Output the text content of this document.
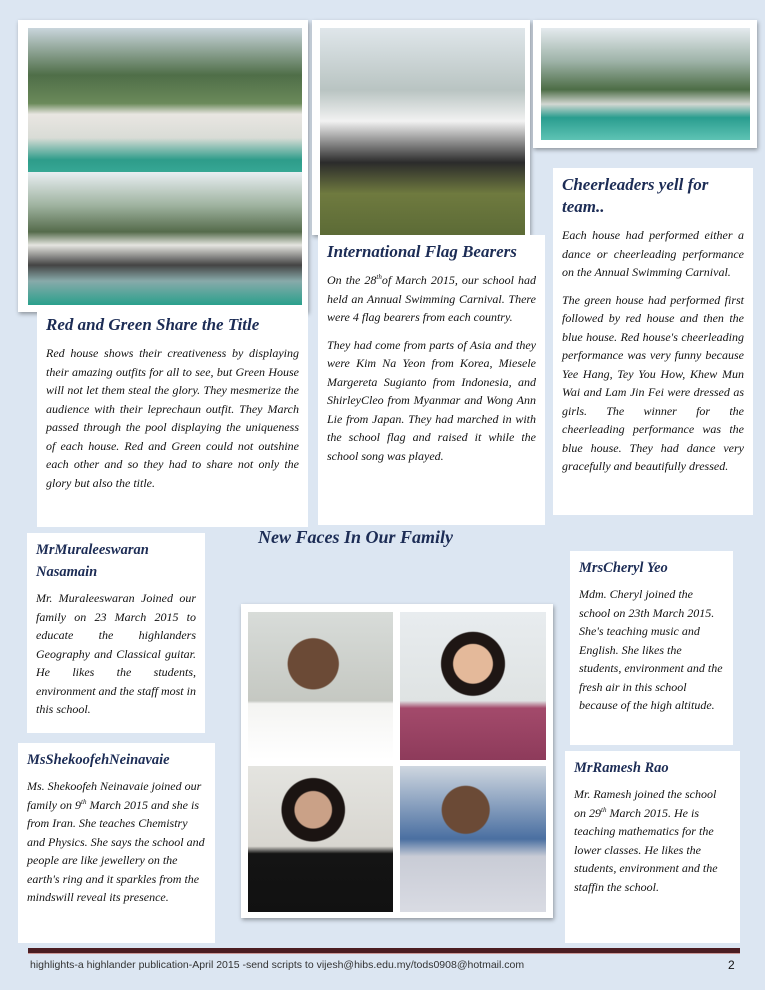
Red and Green Share the Title

Red house shows their creativeness by displaying their amazing outfits for all to see, but Green House will not let them steal the glory. They mesmerize the audience with their leprechaun outfit. They March passed through the pool displaying the uniqueness of each house. Red and Green could not outshine each other and so they had to share not only the glory but also the title.

International Flag Bearers

On the 28thof March 2015, our school had held an Annual Swimming Carnival. There were 4 flag bearers from each country.

They had come from parts of Asia and they were Kim Na Yeon from Korea, Miesele Margereta Sugianto from Indonesia, and ShirleyCleo from Myanmar and Wong Ann Lie from Japan. They had marched in with the school flag and raised it while the school song was played.

Cheerleaders yell for team..

Each house had performed either a dance or cheerleading performance on the Annual Swimming Carnival.

The green house had performed first followed by red house and then the blue house. Red house's cheerleading performance was very funny because Yee Hang, Tey You How, Khew Mun Wai and Lam Jin Fei were dressed as girls. The winner for the cheerleading performance was the blue house. They had dance very gracefully and beautifully dressed.

New Faces In Our Family
MrMuraleeswaran Nasamain

Mr. Muraleeswaran Joined our family on 23 March 2015 to educate the highlanders Geography and Classical guitar. He likes the students, environment and the staff most in this school.

MsShekoofehNeinavaie

Ms. Shekoofeh Neinavaie joined our family on 9th March 2015 and she is from Iran. She teaches Chemistry and Physics. She says the school and people are like jewellery on the earth's ring and it sparkles from the mindswill reveal its presence.

MrsCheryl Yeo

Mdm. Cheryl joined the school on 23th March 2015. She's teaching music and English. She likes the students, environment and the fresh air in this school because of the high altitude.

MrRamesh Rao

Mr. Ramesh joined the school on 29th March 2015. He is teaching mathematics for the lower classes. He likes the students, environment and the staffin the school.

highlights-a highlander publication-April 2015 -send scripts to vijesh@hibs.edu.my/tods0908@hotmail.com	2
